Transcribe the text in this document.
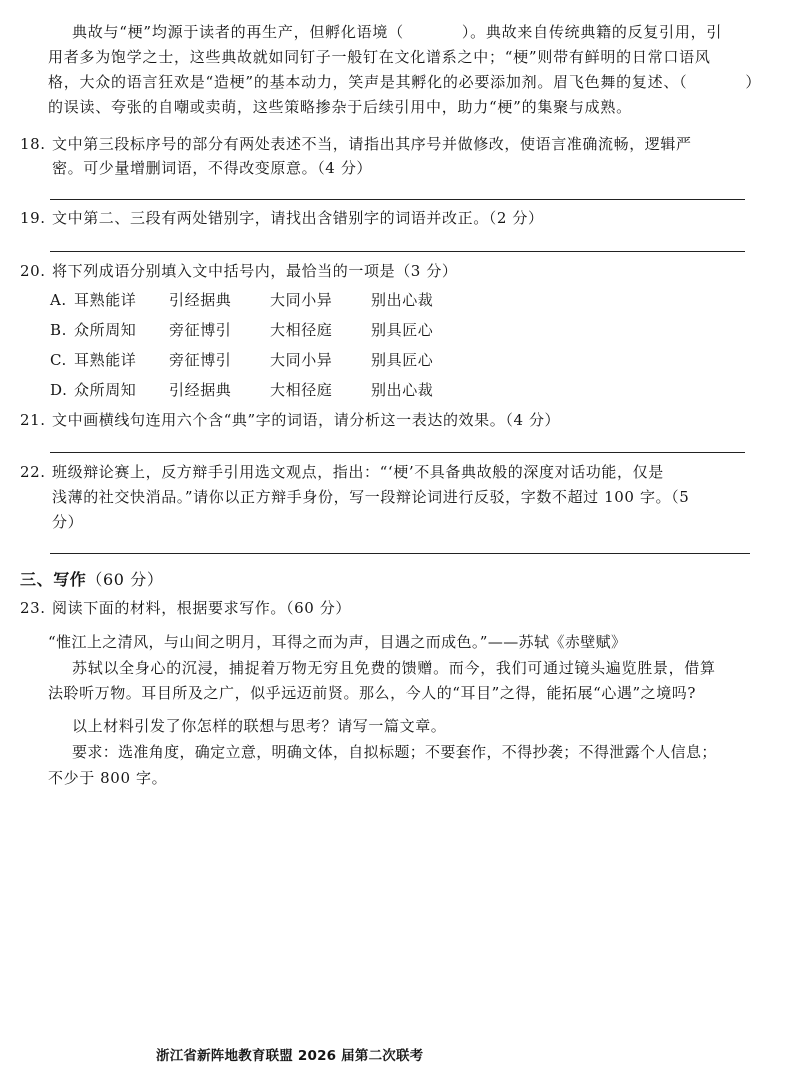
典故与“梗”均源于读者的再生产，但孵化语境（	）。典故来自传统典籍的反复引用，引
用者多为饱学之士，这些典故就如同钉子一般钉在文化谱系之中；“梗”则带有鲜明的日常口语风
格，大众的语言狂欢是“造梗”的基本动力，笑声是其孵化的必要添加剂。眉飞色舞的复述、（	）
的误读、夸张的自嘲或卖萌，这些策略掺杂于后续引用中，助力“梗”的集聚与成熟。
18. 文中第三段标序号的部分有两处表述不当，请指出其序号并做修改，使语言准确流畅，逻辑严
密。可少量增删词语，不得改变原意。（4 分）
19. 文中第二、三段有两处错别字，请找出含错别字的词语并改正。（2 分）
20. 将下列成语分别填入文中括号内，最恰当的一项是（3 分）
A. 耳熟能详 引经据典	大同小异	别出心裁
B. 众所周知 旁征博引	大相径庭	别具匠心
C. 耳熟能详 旁征博引	大同小异	别具匠心
D. 众所周知 引经据典	大相径庭	别出心裁
21. 文中画横线句连用六个含“典”字的词语，请分析这一表达的效果。（4 分）
22. 班级辩论赛上，反方辩手引用选文观点，指出：“‘梗’不具备典故般的深度对话功能，仅是
浅薄的社交快消品。”请你以正方辩手身份，写一段辩论词进行反驳，字数不超过 100 字。（5
分）
三、写作（60 分）
23. 阅读下面的材料，根据要求写作。（60 分）
“惟江上之清风，与山间之明月，耳得之而为声，目遇之而成色。”——苏轼《赤壁赋》
苏轼以全身心的沉浸，捕捉着万物无穷且免费的馈赠。而今，我们可通过镜头遍览胜景，借算
法聆听万物。耳目所及之广，似乎远迈前贤。那么，今人的“耳目”之得，能拓展“心遇”之境吗?
以上材料引发了你怎样的联想与思考？请写一篇文章。
要求：选准角度，确定立意，明确文体，自拟标题；不要套作，不得抄袭；不得泄露个人信息；
不少于 800 字。
浙江省新阵地教育联盟 2026 届第二次联考
